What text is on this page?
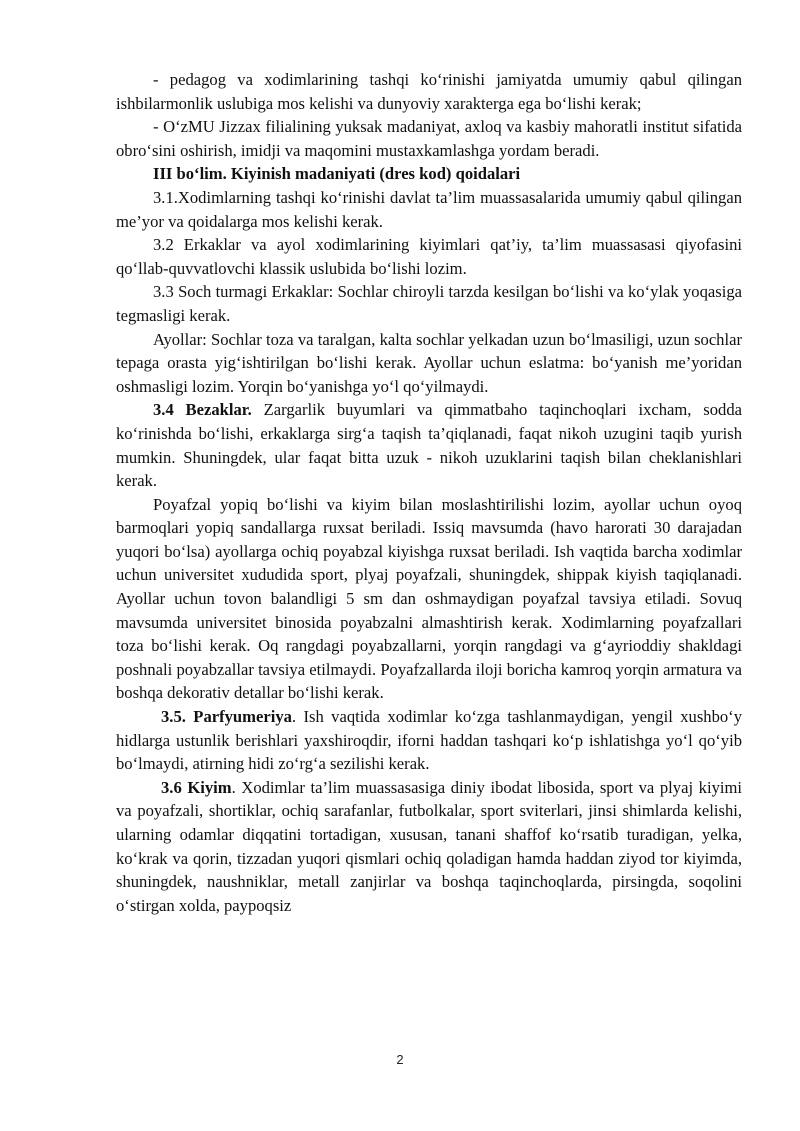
- pedagog va xodimlarining tashqi ko‘rinishi jamiyatda umumiy qabul qilingan ishbilarmonlik uslubiga mos kelishi va dunyoviy xarakterga ega bo‘lishi kerak;

- O‘zMU Jizzax filialining yuksak madaniyat, axloq va kasbiy mahoratli institut sifatida obro‘sini oshirish, imidji va maqomini mustaxkamlashga yordam beradi.

III bo‘lim. Kiyinish madaniyati (dres kod) qoidalari

3.1.Xodimlarning tashqi ko‘rinishi davlat ta’lim muassasalarida umumiy qabul qilingan me’yor va qoidalarga mos kelishi kerak.

3.2 Erkaklar va ayol xodimlarining kiyimlari qat’iy, ta’lim muassasasi qiyofasini qo‘llab-quvvatlovchi klassik uslubida bo‘lishi lozim.

3.3 Soch turmagi Erkaklar: Sochlar chiroyli tarzda kesilgan bo‘lishi va ko‘ylak yoqasiga tegmasligi kerak.

Ayollar: Sochlar toza va taralgan, kalta sochlar yelkadan uzun bo‘lmasiligi, uzun sochlar tepaga orasta yig‘ishtirilgan bo‘lishi kerak. Ayollar uchun eslatma: bo‘yanish me’yoridan oshmasligi lozim. Yorqin bo‘yanishga yo‘l qo‘yilmaydi.

3.4 Bezaklar. Zargarlik buyumlari va qimmatbaho taqinchoqlari ixcham, sodda ko‘rinishda bo‘lishi, erkaklarga sirg‘a taqish ta’qiqlanadi, faqat nikoh uzugini taqib yurish mumkin. Shuningdek, ular faqat bitta uzuk - nikoh uzuklarini taqish bilan cheklanishlari kerak.

Poyafzal yopiq bo‘lishi va kiyim bilan moslashtirilishi lozim, ayollar uchun oyoq barmoqlari yopiq sandallarga ruxsat beriladi. Issiq mavsumda (havo harorati 30 darajadan yuqori bo‘lsa) ayollarga ochiq poyabzal kiyishga ruxsat beriladi. Ish vaqtida barcha xodimlar uchun universitet xududida sport, plyaj poyafzali, shuningdek, shippak kiyish taqiqlanadi. Ayollar uchun tovon balandligi 5 sm dan oshmaydigan poyafzal tavsiya etiladi. Sovuq mavsumda universitet binosida poyabzalni almashtirish kerak. Xodimlarning poyafzallari toza bo‘lishi kerak. Oq rangdagi poyabzallarni, yorqin rangdagi va g‘ayrioddiy shakldagi poshnali poyabzallar tavsiya etilmaydi. Poyafzallarda iloji boricha kamroq yorqin armatura va boshqa dekorativ detallar bo‘lishi kerak.

3.5. Parfyumeriya. Ish vaqtida xodimlar ko‘zga tashlanmaydigan, yengil xushbo‘y hidlarga ustunlik berishlari yaxshiroqdir, iforni haddan tashqari ko‘p ishlatishga yo‘l qo‘yib bo‘lmaydi, atirning hidi zo‘rg‘a sezilishi kerak.

3.6 Kiyim. Xodimlar ta’lim muassasasiga diniy ibodat libosida, sport va plyaj kiyimi va poyafzali, shortiklar, ochiq sarafanlar, futbolkalar, sport sviterlari, jinsi shimlarda kelishi, ularning odamlar diqqatini tortadigan, xususan, tanani shaffof ko‘rsatib turadigan, yelka, ko‘krak va qorin, tizzadan yuqori qismlari ochiq qoladigan hamda haddan ziyod tor kiyimda, shuningdek, naushniklar, metall zanjirlar va boshqa taqinchoqlarda, pirsingda, soqolini o‘stirgan xolda, paypoqsiz

2
